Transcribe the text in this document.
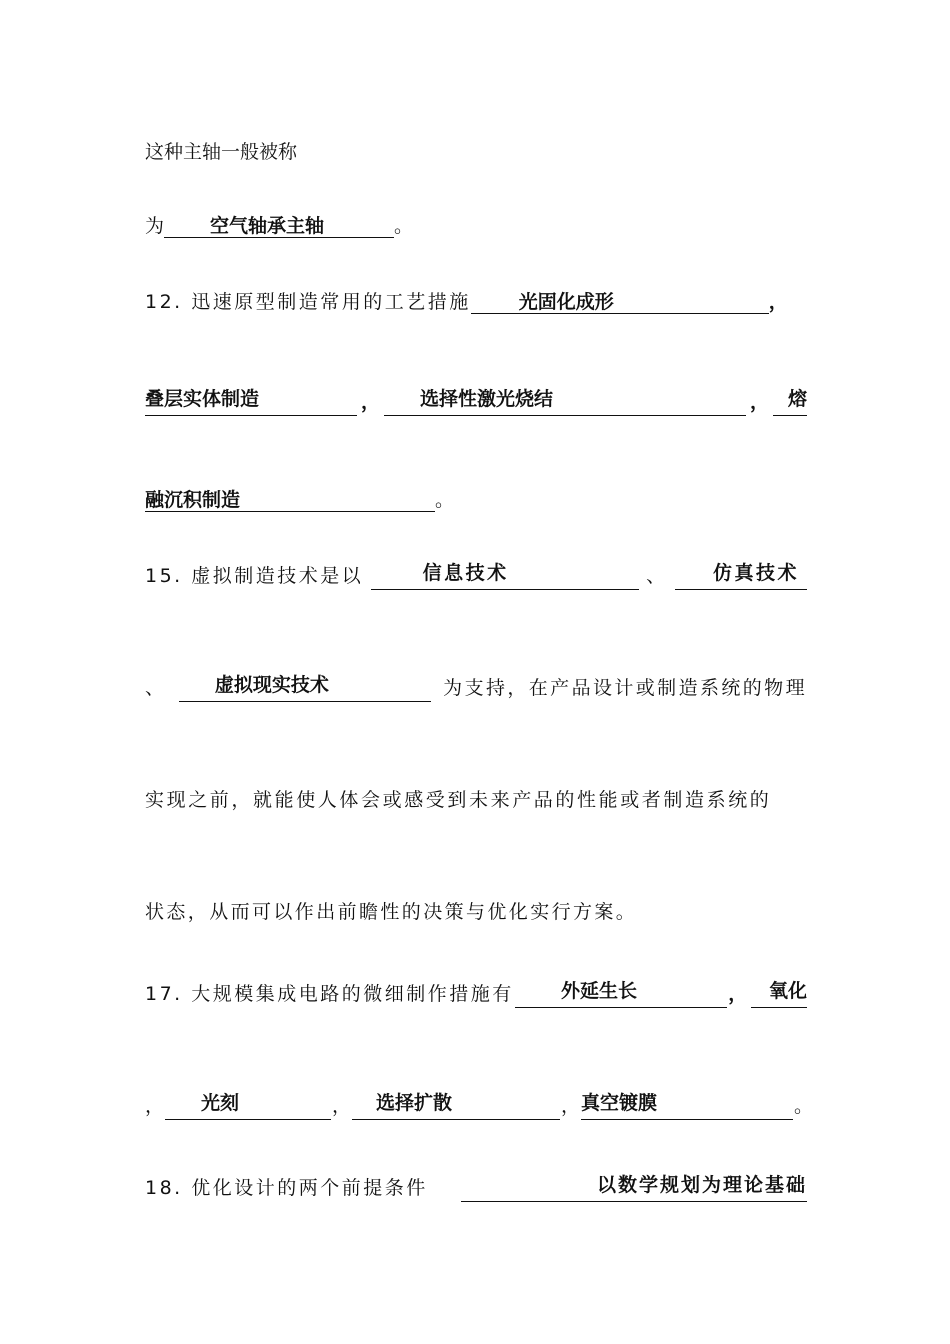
这种主轴一般被称
为 空气轴承主轴	。
12. 迅速原型制造常用的工艺措施	光固化成形	，
叠层实体制造	，	选择性激光烧结	， 熔
融沉积制造	。
15. 虚拟制造技术是以	信息技术	、	仿真技术
、	虚拟现实技术	为支持，在产品设计或制造系统的物理
实现之前，就能使人体会或感受到未来产品的性能或者制造系统的
状态，从而可以作出前瞻性的决策与优化实行方案。
17. 大规模集成电路的微细制作措施有	外延生长	，	氧化
，	光刻	，	选择扩散	， 真空镀膜	。
18. 优化设计的两个前提条件	以数学规划为理论基础
